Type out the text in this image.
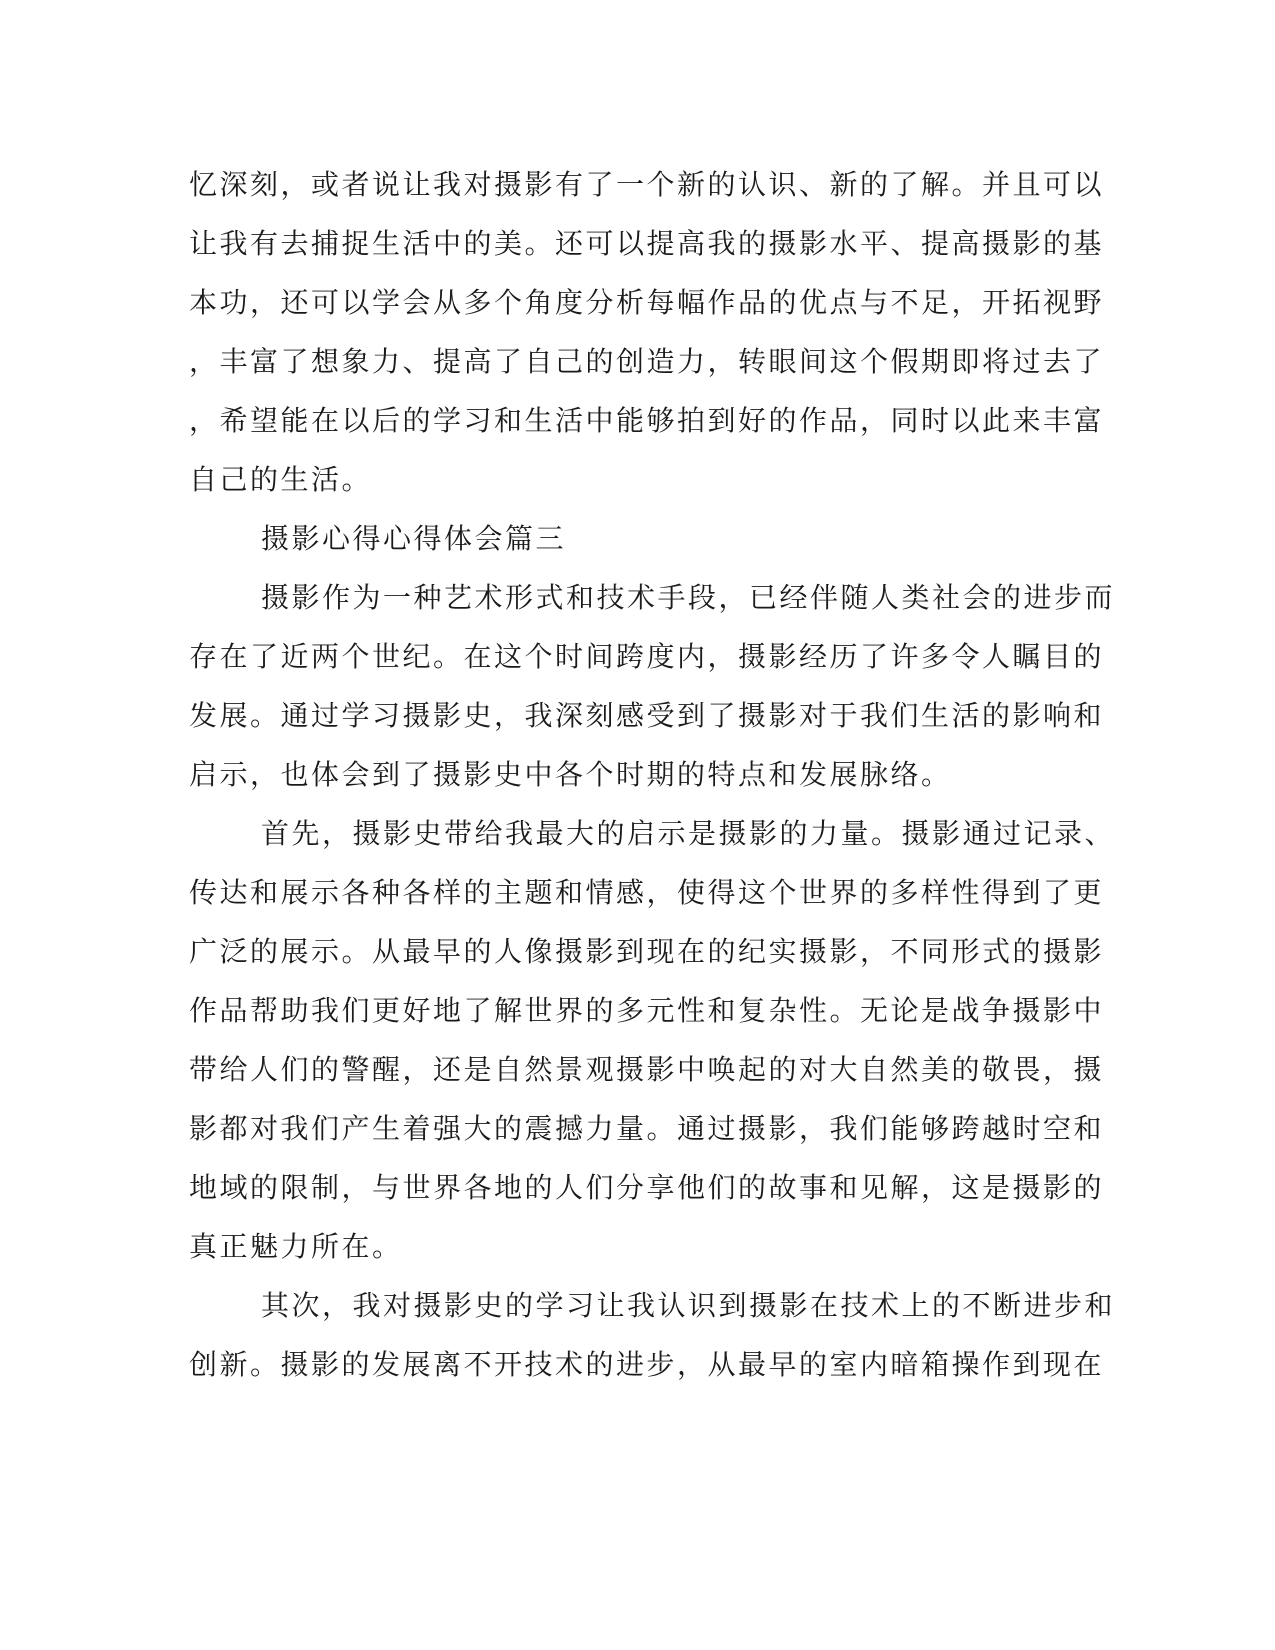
忆深刻，或者说让我对摄影有了一个新的认识、新的了解。并且可以
让我有去捕捉生活中的美。还可以提高我的摄影水平、提高摄影的基
本功，还可以学会从多个角度分析每幅作品的优点与不足，开拓视野
，丰富了想象力、提高了自己的创造力，转眼间这个假期即将过去了
，希望能在以后的学习和生活中能够拍到好的作品，同时以此来丰富
自己的生活。
摄影心得心得体会篇三
摄影作为一种艺术形式和技术手段，已经伴随人类社会的进步而
存在了近两个世纪。在这个时间跨度内，摄影经历了许多令人瞩目的
发展。通过学习摄影史，我深刻感受到了摄影对于我们生活的影响和
启示，也体会到了摄影史中各个时期的特点和发展脉络。
首先，摄影史带给我最大的启示是摄影的力量。摄影通过记录、
传达和展示各种各样的主题和情感，使得这个世界的多样性得到了更
广泛的展示。从最早的人像摄影到现在的纪实摄影，不同形式的摄影
作品帮助我们更好地了解世界的多元性和复杂性。无论是战争摄影中
带给人们的警醒，还是自然景观摄影中唤起的对大自然美的敬畏，摄
影都对我们产生着强大的震撼力量。通过摄影，我们能够跨越时空和
地域的限制，与世界各地的人们分享他们的故事和见解，这是摄影的
真正魅力所在。
其次，我对摄影史的学习让我认识到摄影在技术上的不断进步和
创新。摄影的发展离不开技术的进步，从最早的室内暗箱操作到现在
